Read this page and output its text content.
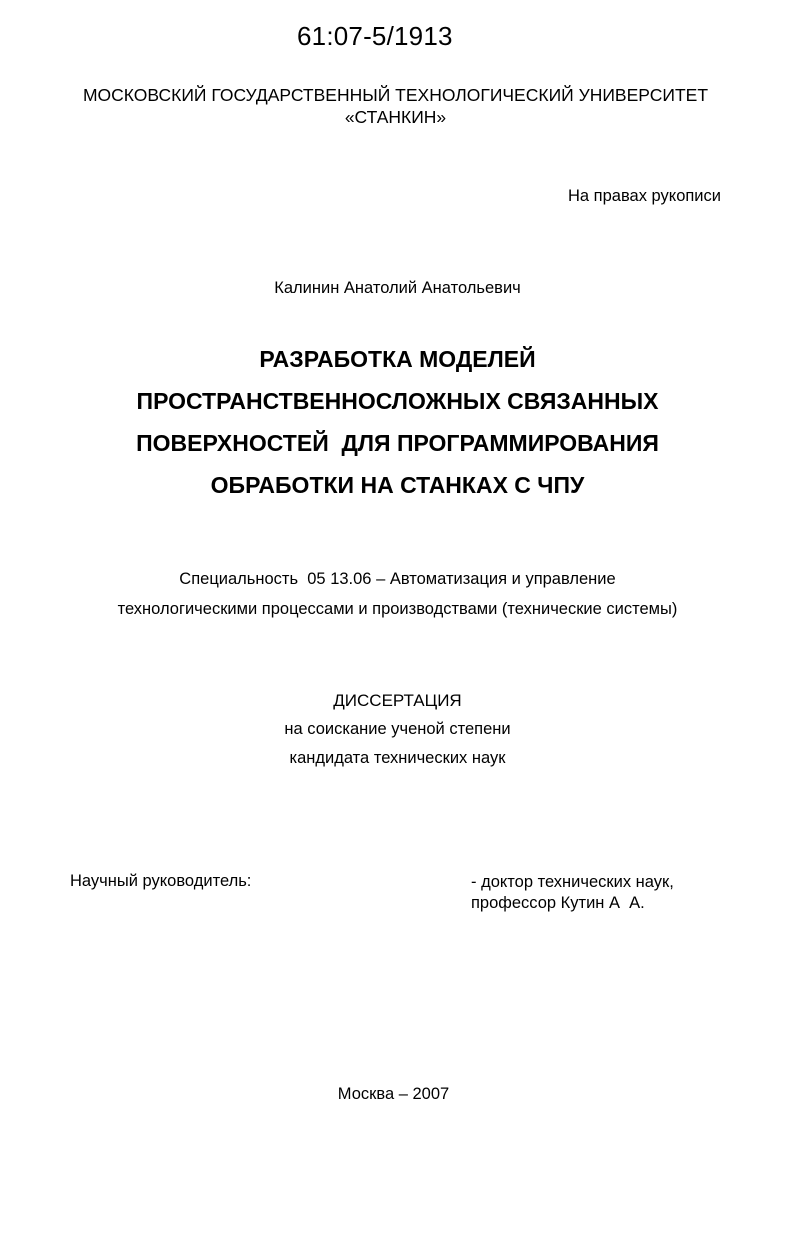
61:07-5/1913
МОСКОВСКИЙ ГОСУДАРСТВЕННЫЙ ТЕХНОЛОГИЧЕСКИЙ УНИВЕРСИТЕТ
«СТАНКИН»
На правах рукописи
Калинин Анатолий Анатольевич
РАЗРАБОТКА МОДЕЛЕЙ
ПРОСТРАНСТВЕННОСЛОЖНЫХ СВЯЗАННЫХ
ПОВЕРХНОСТЕЙ  ДЛЯ ПРОГРАММИРОВАНИЯ
ОБРАБОТКИ НА СТАНКАХ С ЧПУ
Специальность  05 13.06 – Автоматизация и управление
технологическими процессами и производствами (технические системы)
ДИССЕРТАЦИЯ
на соискание ученой степени
кандидата технических наук
Научный руководитель:	- доктор технических наук,
профессор Кутин А  А.
Москва – 2007
